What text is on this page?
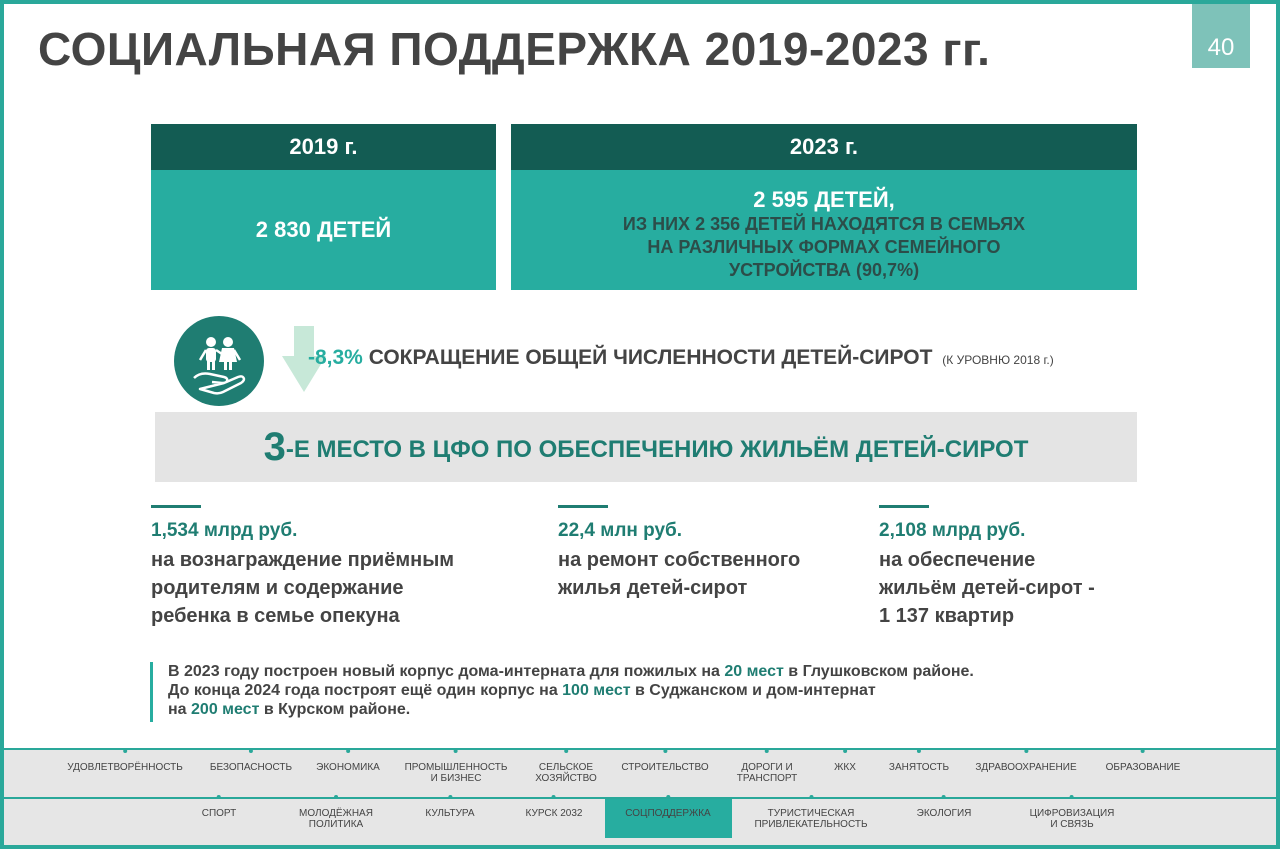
СОЦИАЛЬНАЯ ПОДДЕРЖКА 2019-2023 гг.	40
2019 г.
2 830 ДЕТЕЙ
2023 г.
2 595 ДЕТЕЙ,
ИЗ НИХ 2 356 ДЕТЕЙ НАХОДЯТСЯ В СЕМЬЯХ
НА РАЗЛИЧНЫХ ФОРМАХ СЕМЕЙНОГО
УСТРОЙСТВА (90,7%)
-8,3% СОКРАЩЕНИЕ ОБЩЕЙ ЧИСЛЕННОСТИ ДЕТЕЙ-СИРОТ (К УРОВНЮ 2018 г.)
3 -Е МЕСТО В ЦФО ПО ОБЕСПЕЧЕНИЮ ЖИЛЬЁМ ДЕТЕЙ-СИРОТ
1,534 млрд руб.
на вознаграждение приёмным
родителям и содержание
ребенка в семье опекуна
22,4 млн руб.
на ремонт собственного
жилья детей-сирот
2,108 млрд руб.
на обеспечение
жильём детей-сирот -
1 137 квартир
В 2023 году построен новый корпус дома-интерната для пожилых на 20 мест в Глушковском районе.
До конца 2024 года построят ещё один корпус на 100 мест в Суджанском и дом-интернат
на 200 мест в Курском районе.
УДОВЛЕТВОРЁННОСТЬ	БЕЗОПАСНОСТЬ ЭКОНОМИКА ПРОМЫШЛЕННОСТЬ
И БИЗНЕС
СЕЛЬСКОЕ
ХОЗЯЙСТВО
СТРОИТЕЛЬСТВО	ДОРОГИ И
ТРАНСПОРТ
ЖКХ	ЗАНЯТОСТЬ	ЗДРАВООХРАНЕНИЕ	ОБРАЗОВАНИЕ
СПОРТ	МОЛОДЁЖНАЯ
ПОЛИТИКА
КУЛЬТУРА	КУРСК 2032	СОЦПОДДЕРЖКА	ТУРИСТИЧЕСКАЯ
ПРИВЛЕКАТЕЛЬНОСТЬ
ЭКОЛОГИЯ	ЦИФРОВИЗАЦИЯ
И СВЯЗЬ
